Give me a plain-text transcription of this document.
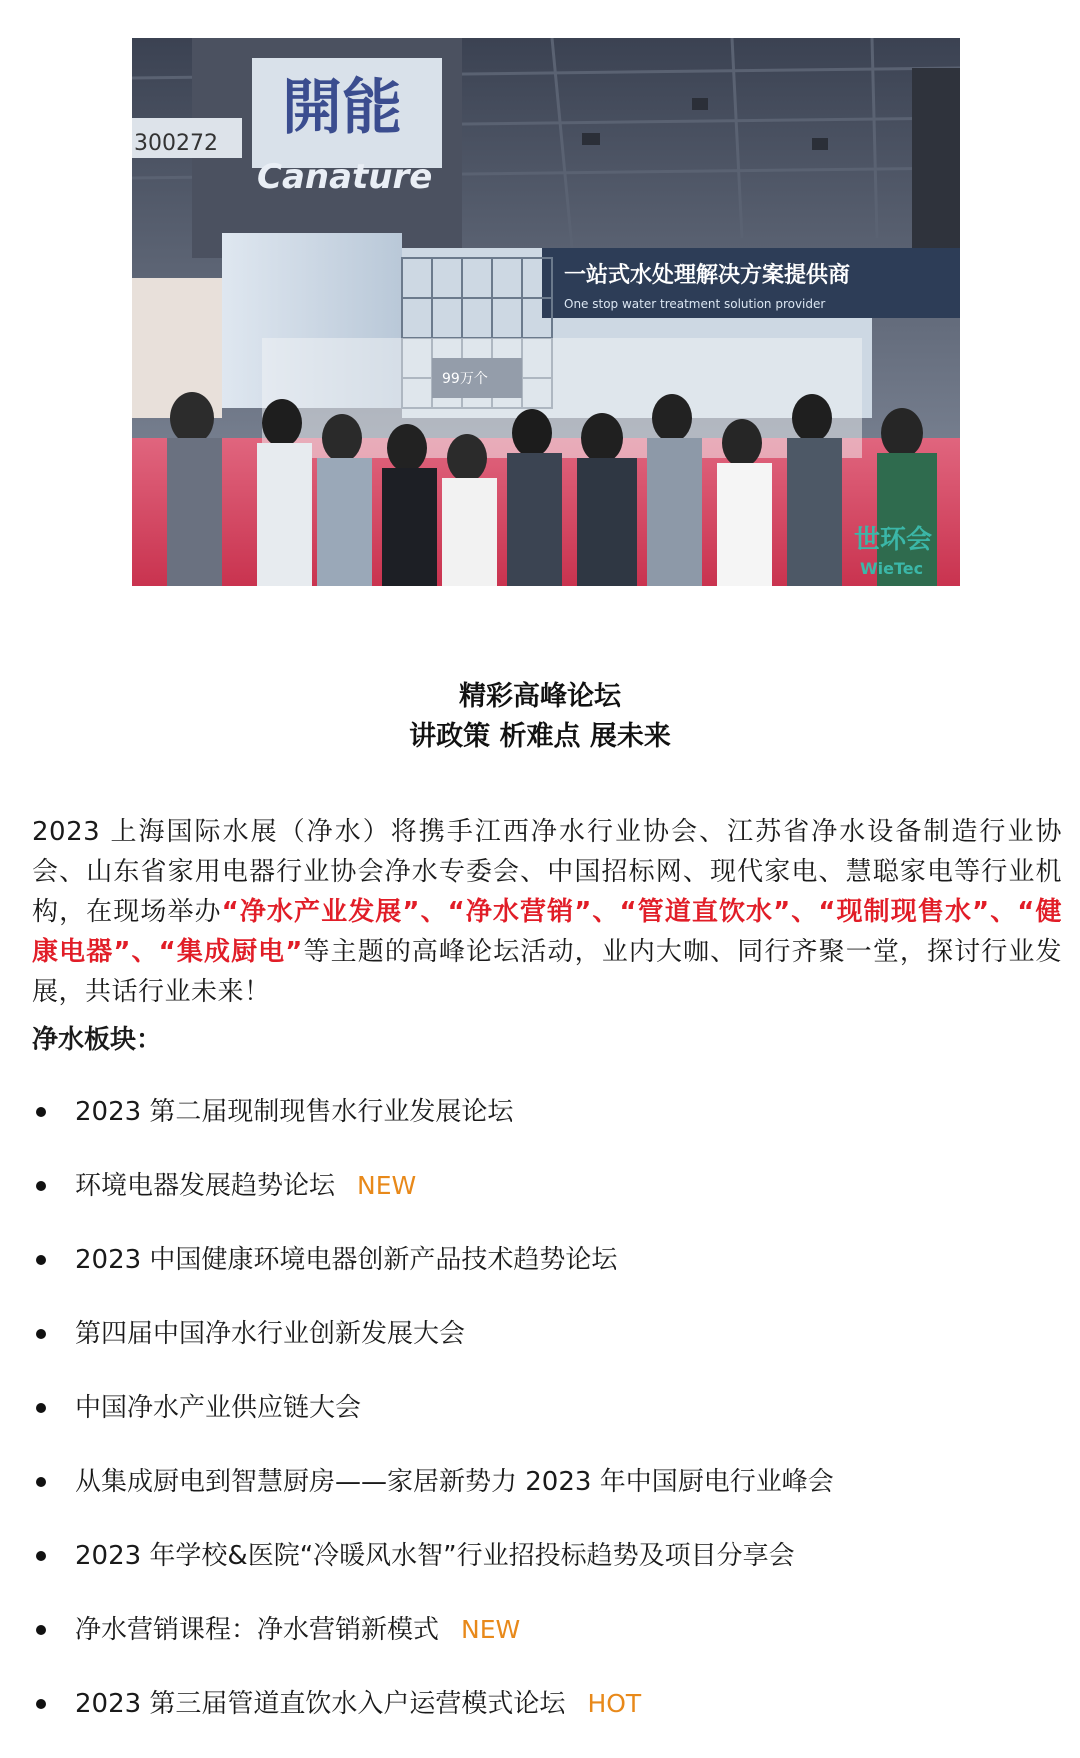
開能
Canature
300272
一站式水处理解决方案提供商
One stop water treatment solution provider
99万个
世环会
WieTec
精彩高峰论坛
讲政策 析难点 展未来

2023 上海国际水展（净水）将携手江西净水行业协会、江苏省净水设备制造行业协会、山东省家用电器行业协会净水专委会、中国招标网、现代家电、慧聪家电等行业机构，在现场举办“净水产业发展”、“净水营销”、“管道直饮水”、“现制现售水”、“健康电器”、“集成厨电”等主题的高峰论坛活动，业内大咖、同行齐聚一堂，探讨行业发展，共话行业未来！

净水板块：
2023 第二届现制现售水行业发展论坛
环境电器发展趋势论坛 NEW
2023 中国健康环境电器创新产品技术趋势论坛
第四届中国净水行业创新发展大会
中国净水产业供应链大会
从集成厨电到智慧厨房——家居新势力 2023 年中国厨电行业峰会
2023 年学校&医院“冷暖风水智”行业招投标趋势及项目分享会
净水营销课程：净水营销新模式 NEW
2023 第三届管道直饮水入户运营模式论坛 HOT
